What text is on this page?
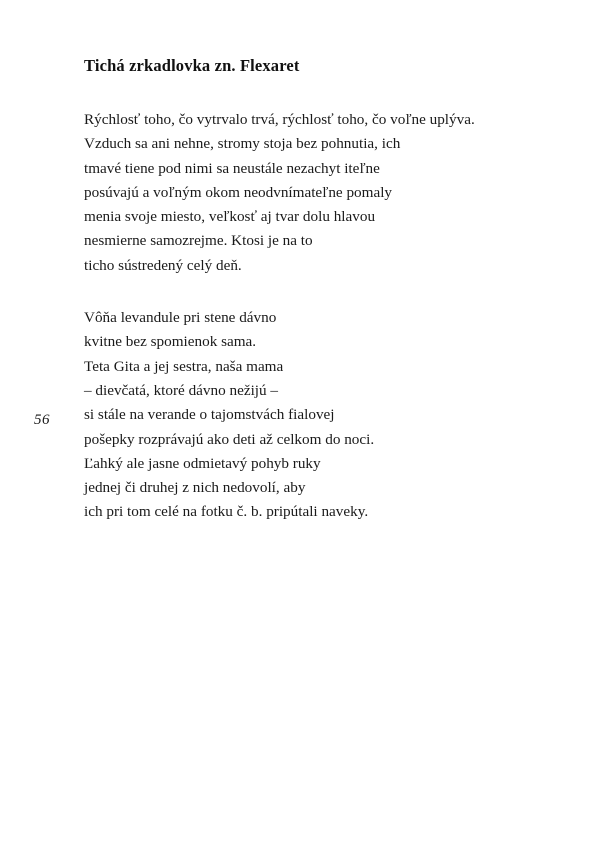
56
Tichá zrkadlovka zn. Flexaret
Rýchlosť toho, čo vytrvalo trvá, rýchlosť toho, čo voľne uplýva.
Vzduch sa ani nehne, stromy stoja bez pohnutia, ich
tmavé tiene pod nimi sa neustále nezachyt iteľne
posúvajú a voľným okom neodvnímateľne pomaly
menia svoje miesto, veľkosť aj tvar dolu hlavou
nesmierne samozrejme. Ktosi je na to
ticho sústredený celý deň.
Vôňa levandule pri stene dávno
kvitne bez spomienok sama.
Teta Gita a jej sestra, naša mama
– dievčatá, ktoré dávno nežijú –
si stále na verande o tajomstvách fialovej
pošepky rozprávajú ako deti až celkom do noci.
Ľahký ale jasne odmietavý pohyb ruky
jednej či druhej z nich nedovolí, aby
ich pri tom celé na fotku č. b. pripútali naveky.
